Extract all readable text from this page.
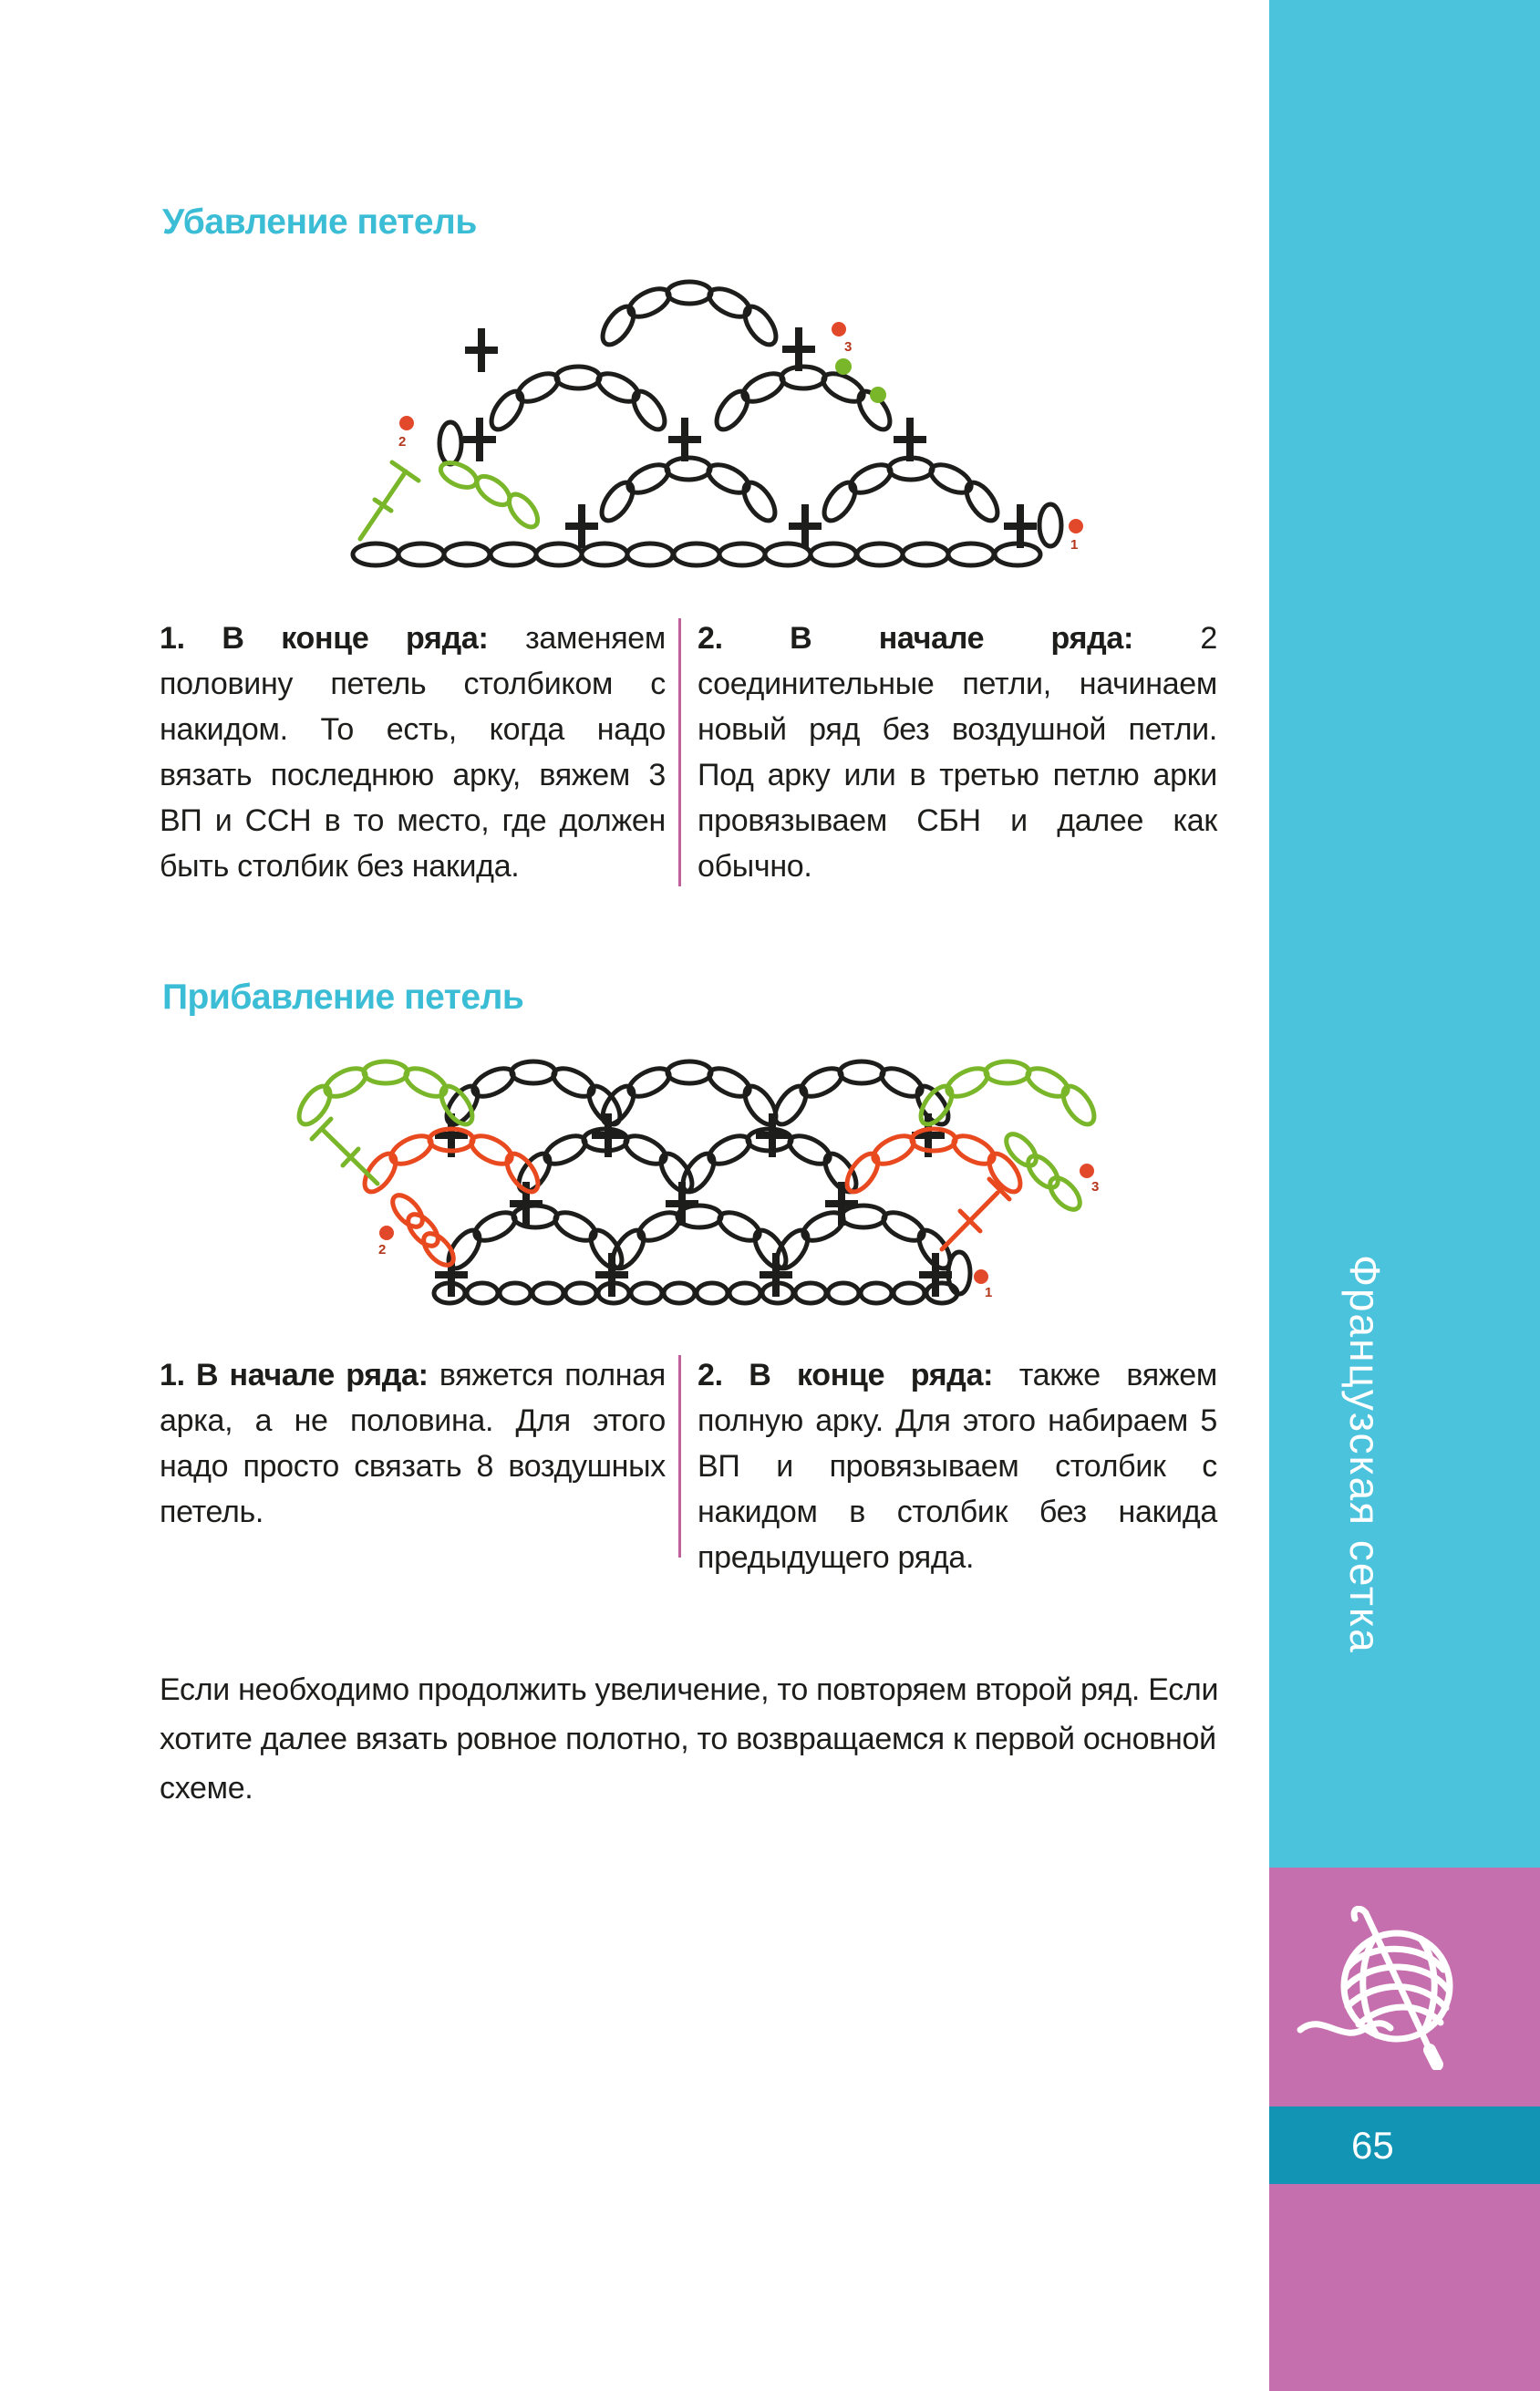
Убавление петель
2
3
1

1. В конце ряда: заменяем половину петель столбиком с накидом. То есть, когда надо вязать последнюю арку, вяжем 3 ВП и ССН в то место, где должен быть столбик без накида.

2. В начале ряда: 2 соединительные петли, начинаем новый ряд без воздушной петли. Под арку или в третью петлю арки провязываем СБН и далее как обычно.

Прибавление петель
2
1
3

1. В начале ряда: вяжется полная арка, а не половина. Для этого надо просто связать 8 воздушных петель.

2. В конце ряда: также вяжем полную арку. Для этого набираем 5 ВП и провязываем столбик с накидом в столбик без накида предыдущего ряда.

Если необходимо продолжить увеличение, то повторяем второй ряд. Если хотите далее вязать ровное полотно, то возвращаемся к первой основной схеме.

Французская сетка
65
